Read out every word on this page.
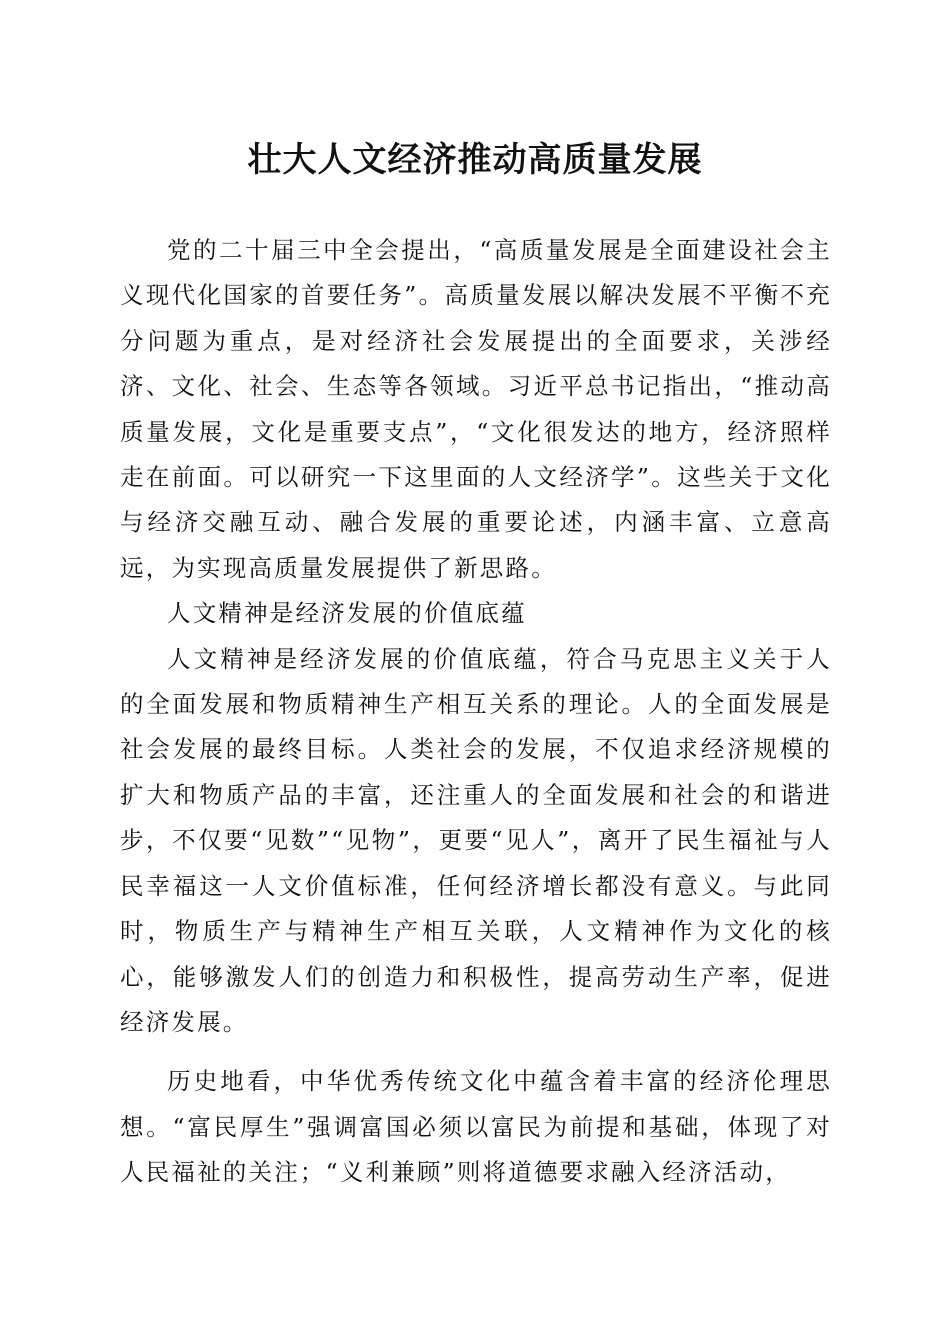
壮大人文经济推动高质量发展

党的二十届三中全会提出，“高质量发展是全面建设社会主义现代化国家的首要任务”。高质量发展以解决发展不平衡不充分问题为重点，是对经济社会发展提出的全面要求，关涉经济、文化、社会、生态等各领域。习近平总书记指出，“推动高质量发展，文化是重要支点”，“文化很发达的地方，经济照样走在前面。可以研究一下这里面的人文经济学”。这些关于文化与经济交融互动、融合发展的重要论述，内涵丰富、立意高远，为实现高质量发展提供了新思路。

人文精神是经济发展的价值底蕴

人文精神是经济发展的价值底蕴，符合马克思主义关于人的全面发展和物质精神生产相互关系的理论。人的全面发展是社会发展的最终目标。人类社会的发展，不仅追求经济规模的扩大和物质产品的丰富，还注重人的全面发展和社会的和谐进步，不仅要“见数”“见物”，更要“见人”，离开了民生福祉与人民幸福这一人文价值标准，任何经济增长都没有意义。与此同时，物质生产与精神生产相互关联，人文精神作为文化的核心，能够激发人们的创造力和积极性，提高劳动生产率，促进经济发展。

历史地看，中华优秀传统文化中蕴含着丰富的经济伦理思想。“富民厚生”强调富国必须以富民为前提和基础，体现了对人民福祉的关注；“义利兼顾”则将道德要求融入经济活动，
